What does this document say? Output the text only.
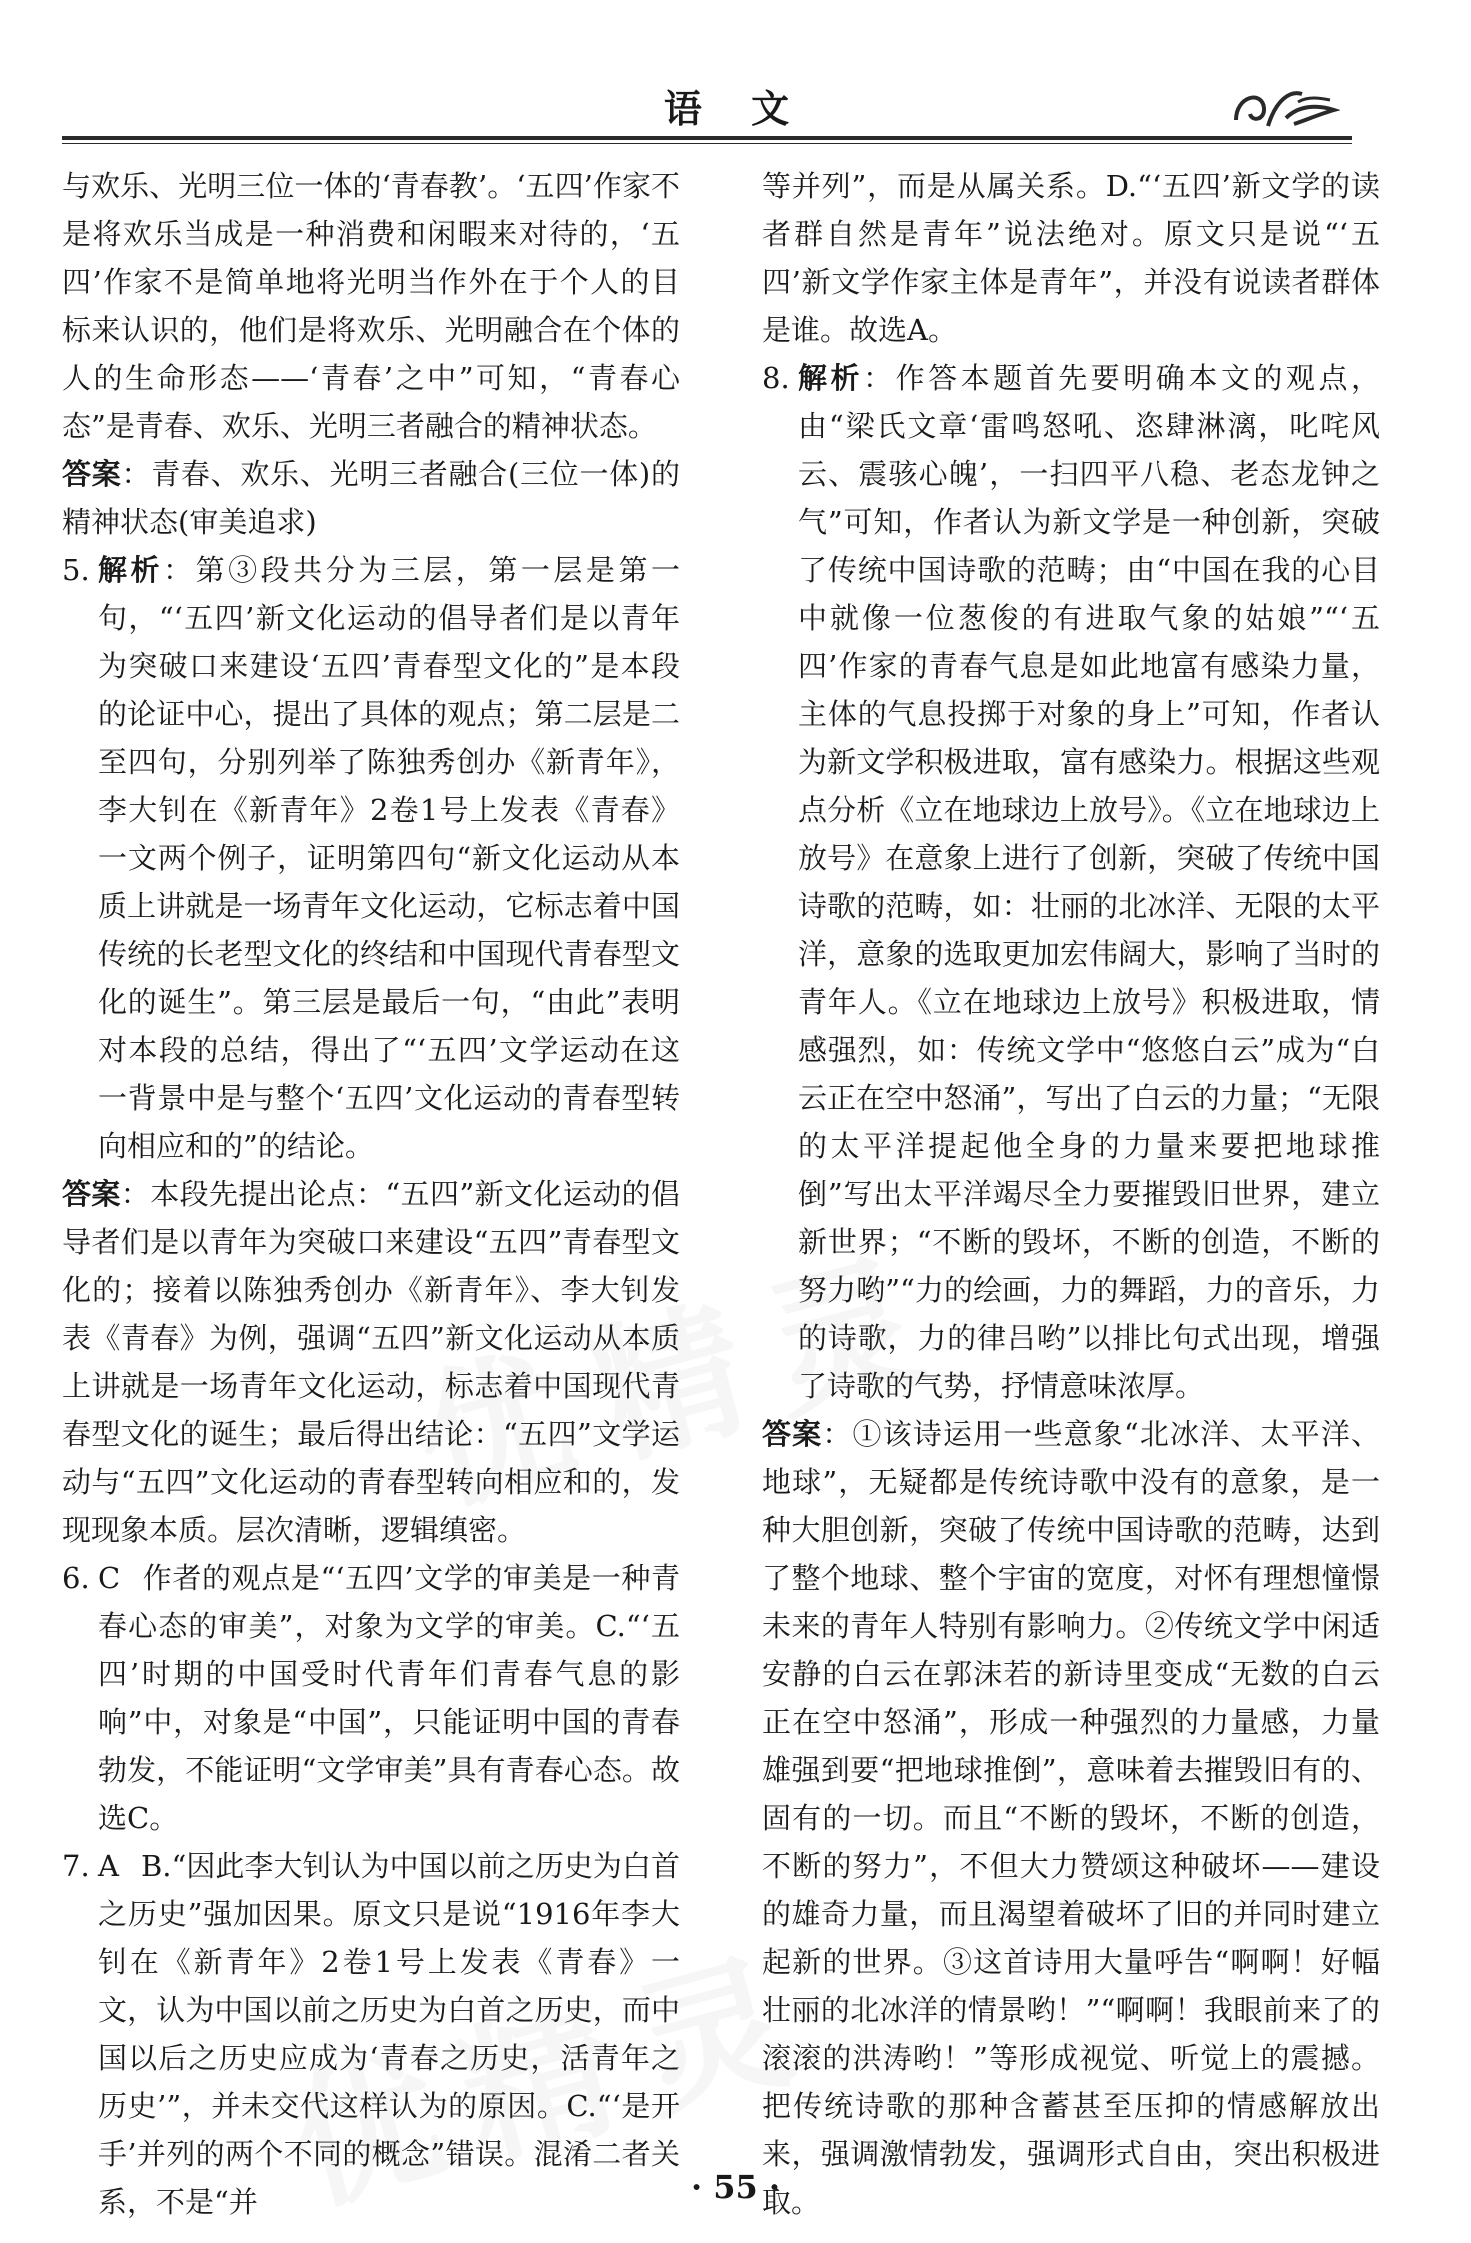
语 文

与欢乐、光明三位一体的‘青春教’。‘五四’作家不是将欢乐当成是一种消费和闲暇来对待的，‘五四’作家不是简单地将光明当作外在于个人的目标来认识的，他们是将欢乐、光明融合在个体的人的生命形态——‘青春’之中”可知，“青春心态”是青春、欢乐、光明三者融合的精神状态。

答案：青春、欢乐、光明三者融合(三位一体)的精神状态(审美追求)

5. 解析：第③段共分为三层，第一层是第一句，“‘五四’新文化运动的倡导者们是以青年为突破口来建设‘五四’青春型文化的”是本段的论证中心，提出了具体的观点；第二层是二至四句，分别列举了陈独秀创办《新青年》，李大钊在《新青年》2卷1号上发表《青春》一文两个例子，证明第四句“新文化运动从本质上讲就是一场青年文化运动，它标志着中国传统的长老型文化的终结和中国现代青春型文化的诞生”。第三层是最后一句，“由此”表明对本段的总结，得出了“‘五四’文学运动在这一背景中是与整个‘五四’文化运动的青春型转向相应和的”的结论。

答案：本段先提出论点：“五四”新文化运动的倡导者们是以青年为突破口来建设“五四”青春型文化的；接着以陈独秀创办《新青年》、李大钊发表《青春》为例，强调“五四”新文化运动从本质上讲就是一场青年文化运动，标志着中国现代青春型文化的诞生；最后得出结论：“五四”文学运动与“五四”文化运动的青春型转向相应和的，发现现象本质。层次清晰，逻辑缜密。

6. C 作者的观点是“‘五四’文学的审美是一种青春心态的审美”，对象为文学的审美。C.“‘五四’时期的中国受时代青年们青春气息的影响”中，对象是“中国”，只能证明中国的青春勃发，不能证明“文学审美”具有青春心态。故选C。

7. A B.“因此李大钊认为中国以前之历史为白首之历史”强加因果。原文只是说“1916年李大钊在《新青年》2卷1号上发表《青春》一文，认为中国以前之历史为白首之历史，而中国以后之历史应成为‘青春之历史，活青年之历史’”，并未交代这样认为的原因。C.“‘是开手’并列的两个不同的概念”错误。混淆二者关系，不是“并

等并列”，而是从属关系。D.“‘五四’新文学的读者群自然是青年”说法绝对。原文只是说“‘五四’新文学作家主体是青年”，并没有说读者群体是谁。故选A。

8. 解析：作答本题首先要明确本文的观点，由“梁氏文章‘雷鸣怒吼、恣肆淋漓，叱咤风云、震骇心魄’，一扫四平八稳、老态龙钟之气”可知，作者认为新文学是一种创新，突破了传统中国诗歌的范畴；由“中国在我的心目中就像一位葱俊的有进取气象的姑娘”“‘五四’作家的青春气息是如此地富有感染力量，主体的气息投掷于对象的身上”可知，作者认为新文学积极进取，富有感染力。根据这些观点分析《立在地球边上放号》。《立在地球边上放号》在意象上进行了创新，突破了传统中国诗歌的范畴，如：壮丽的北冰洋、无限的太平洋，意象的选取更加宏伟阔大，影响了当时的青年人。《立在地球边上放号》积极进取，情感强烈，如：传统文学中“悠悠白云”成为“白云正在空中怒涌”，写出了白云的力量；“无限的太平洋提起他全身的力量来要把地球推倒”写出太平洋竭尽全力要摧毁旧世界，建立新世界；“不断的毁坏，不断的创造，不断的努力哟”“力的绘画，力的舞蹈，力的音乐，力的诗歌，力的律吕哟”以排比句式出现，增强了诗歌的气势，抒情意味浓厚。

答案：①该诗运用一些意象“北冰洋、太平洋、地球”，无疑都是传统诗歌中没有的意象，是一种大胆创新，突破了传统中国诗歌的范畴，达到了整个地球、整个宇宙的宽度，对怀有理想憧憬未来的青年人特别有影响力。②传统文学中闲适安静的白云在郭沫若的新诗里变成“无数的白云正在空中怒涌”，形成一种强烈的力量感，力量雄强到要“把地球推倒”，意味着去摧毁旧有的、固有的一切。而且“不断的毁坏，不断的创造，不断的努力”，不但大力赞颂这种破坏——建设的雄奇力量，而且渴望着破坏了旧的并同时建立起新的世界。③这首诗用大量呼告“啊啊！好幅壮丽的北冰洋的情景哟！”“啊啊！我眼前来了的滚滚的洪涛哟！”等形成视觉、听觉上的震撼。把传统诗歌的那种含蓄甚至压抑的情感解放出来，强调激情勃发，强调形式自由，突出积极进取。

· 55 ·
